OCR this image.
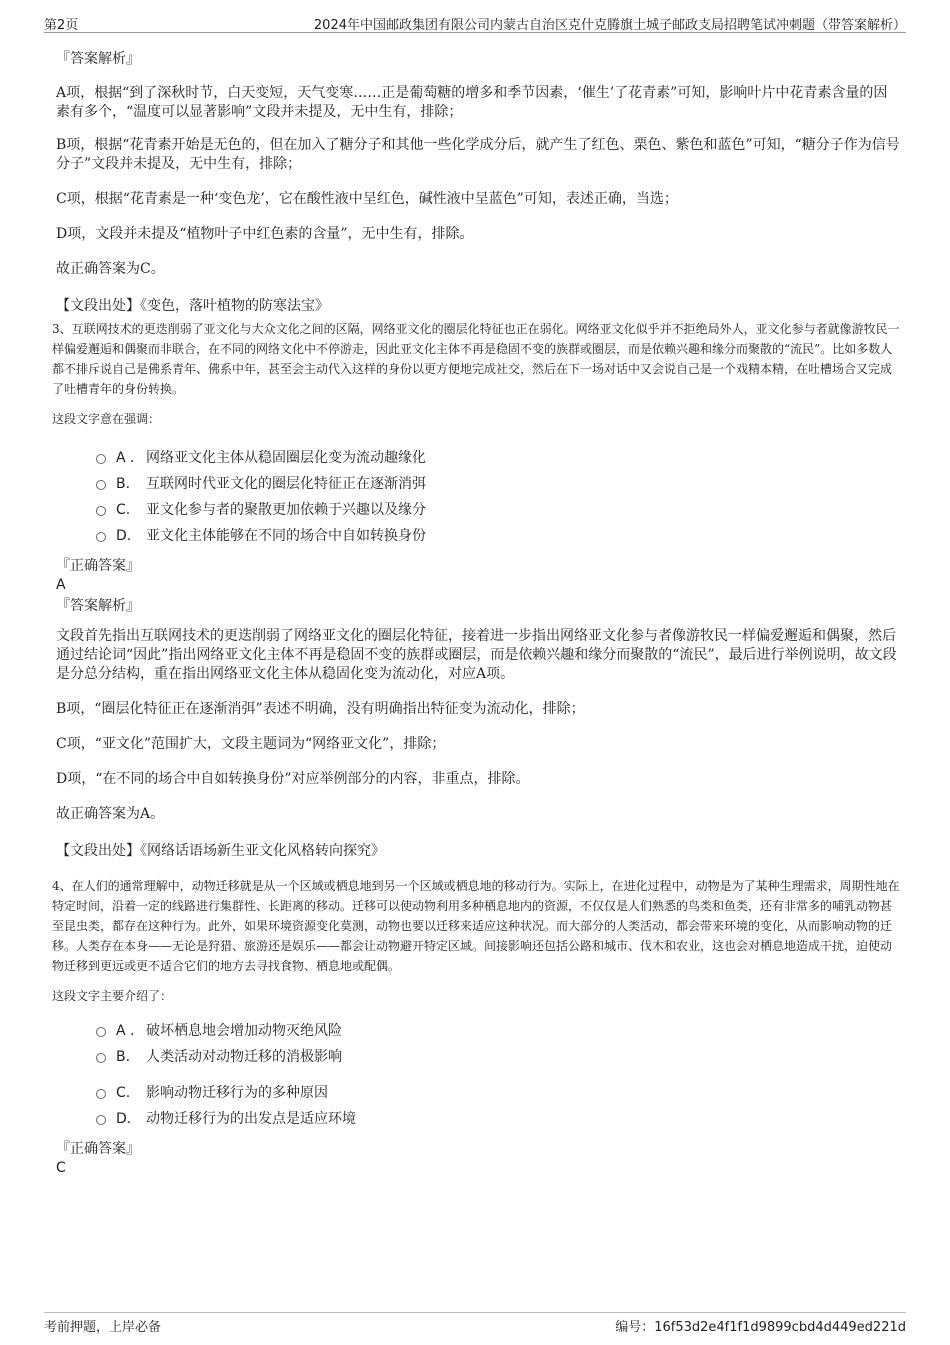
第2页	2024年中国邮政集团有限公司内蒙古自治区克什克腾旗土城子邮政支局招聘笔试冲刺题（带答案解析）

『答案解析』

A项，根据“到了深秋时节，白天变短，天气变寒……正是葡萄糖的增多和季节因素，‘催生’了花青素”可知，影响叶片中花青素含量的因素有多个，“温度可以显著影响”文段并未提及，无中生有，排除；

B项，根据“花青素开始是无色的，但在加入了糖分子和其他一些化学成分后，就产生了红色、栗色、紫色和蓝色”可知，“糖分子作为信号分子”文段并未提及，无中生有，排除；

C项，根据“花青素是一种‘变色龙’，它在酸性液中呈红色，碱性液中呈蓝色”可知，表述正确，当选；

D项，文段并未提及“植物叶子中红色素的含量”，无中生有，排除。

故正确答案为C。

【文段出处】《变色，落叶植物的防寒法宝》

3、互联网技术的更迭削弱了亚文化与大众文化之间的区隔，网络亚文化的圈层化特征也正在弱化。网络亚文化似乎并不拒绝局外人，亚文化参与者就像游牧民一样偏爱邂逅和偶聚而非联合，在不同的网络文化中不停游走，因此亚文化主体不再是稳固不变的族群或圈层，而是依赖兴趣和缘分而聚散的“流民”。比如多数人都不排斥说自己是佛系青年、佛系中年，甚至会主动代入这样的身份以更方便地完成社交，然后在下一场对话中又会说自己是一个戏精本精，在吐槽场合又完成了吐槽青年的身份转换。

这段文字意在强调：

A . 网络亚文化主体从稳固圈层化变为流动趣缘化
B. 互联网时代亚文化的圈层化特征正在逐渐消弭
C. 亚文化参与者的聚散更加依赖于兴趣以及缘分
D. 亚文化主体能够在不同的场合中自如转换身份

『正确答案』

A

『答案解析』

文段首先指出互联网技术的更迭削弱了网络亚文化的圈层化特征，接着进一步指出网络亚文化参与者像游牧民一样偏爱邂逅和偶聚，然后通过结论词“因此”指出网络亚文化主体不再是稳固不变的族群或圈层，而是依赖兴趣和缘分而聚散的“流民”，最后进行举例说明，故文段是分总分结构，重在指出网络亚文化主体从稳固化变为流动化，对应A项。

B项，“圈层化特征正在逐渐消弭”表述不明确，没有明确指出特征变为流动化，排除；

C项，“亚文化”范围扩大，文段主题词为“网络亚文化”，排除；

D项，“在不同的场合中自如转换身份”对应举例部分的内容，非重点，排除。

故正确答案为A。

【文段出处】《网络话语场新生亚文化风格转向探究》

4、在人们的通常理解中，动物迁移就是从一个区域或栖息地到另一个区域或栖息地的移动行为。实际上，在进化过程中，动物是为了某种生理需求，周期性地在特定时间，沿着一定的线路进行集群性、长距离的移动。迁移可以使动物利用多种栖息地内的资源，不仅仅是人们熟悉的鸟类和鱼类，还有非常多的哺乳动物甚至昆虫类，都存在这种行为。此外，如果环境资源变化莫测，动物也要以迁移来适应这种状况。而大部分的人类活动，都会带来环境的变化，从而影响动物的迁移。人类存在本身——无论是狩猎、旅游还是娱乐——都会让动物避开特定区域。间接影响还包括公路和城市、伐木和农业，这也会对栖息地造成干扰，迫使动物迁移到更远或更不适合它们的地方去寻找食物、栖息地或配偶。

这段文字主要介绍了：

A . 破坏栖息地会增加动物灭绝风险
B. 人类活动对动物迁移的消极影响
C. 影响动物迁移行为的多种原因
D. 动物迁移行为的出发点是适应环境

『正确答案』

C

考前押题，上岸必备	编号：16f53d2e4f1f1d9899cbd4d449ed221d
